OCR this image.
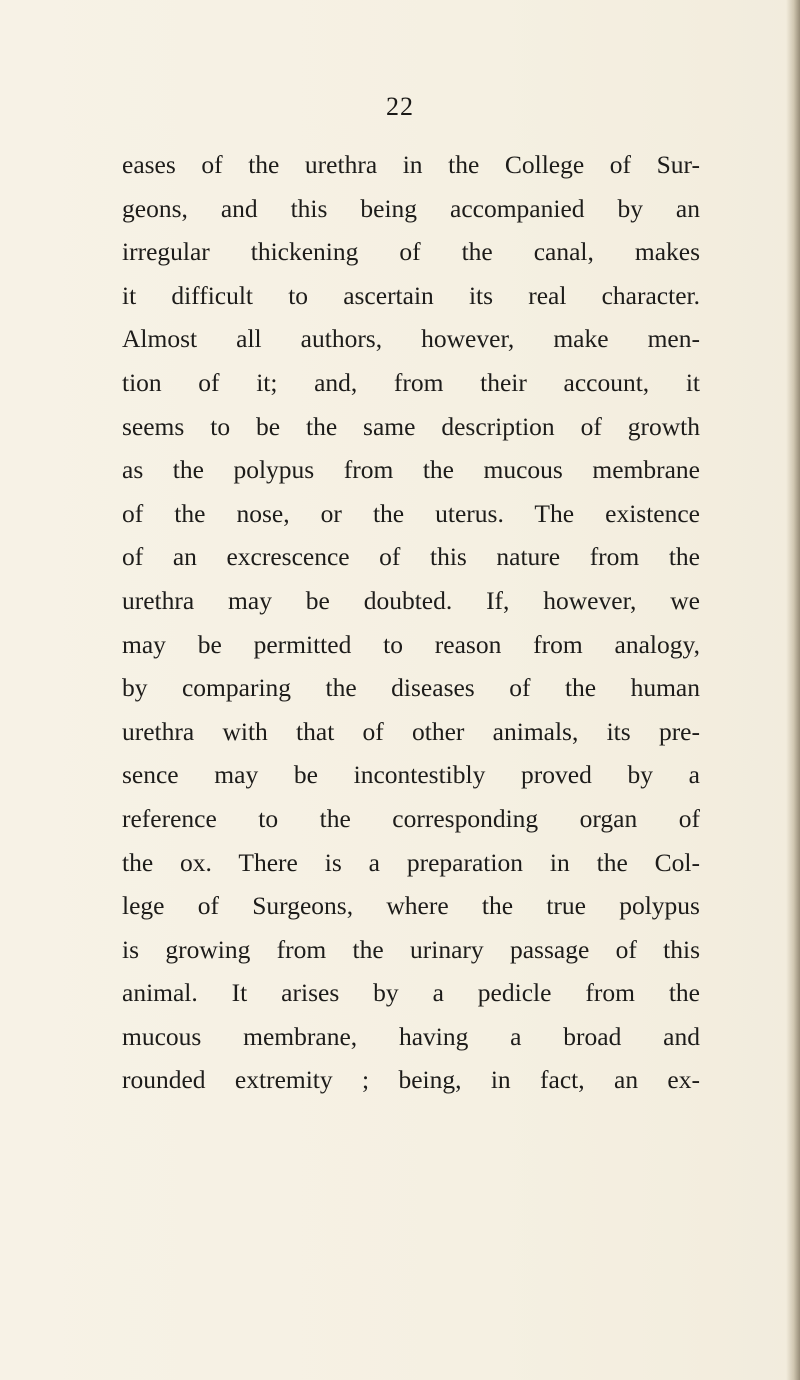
22
eases of the urethra in the College of Sur-
geons, and this being accompanied by an
irregular thickening of the canal, makes
it difficult to ascertain its real character.
Almost all authors, however, make men-
tion of it; and, from their account, it
seems to be the same description of growth
as the polypus from the mucous membrane
of the nose, or the uterus. The existence
of an excrescence of this nature from the
urethra may be doubted. If, however, we
may be permitted to reason from analogy,
by comparing the diseases of the human
urethra with that of other animals, its pre-
sence may be incontestibly proved by a
reference to the corresponding organ of
the ox. There is a preparation in the Col-
lege of Surgeons, where the true polypus
is growing from the urinary passage of this
animal. It arises by a pedicle from the
mucous membrane, having a broad and
rounded extremity ; being, in fact, an ex-
